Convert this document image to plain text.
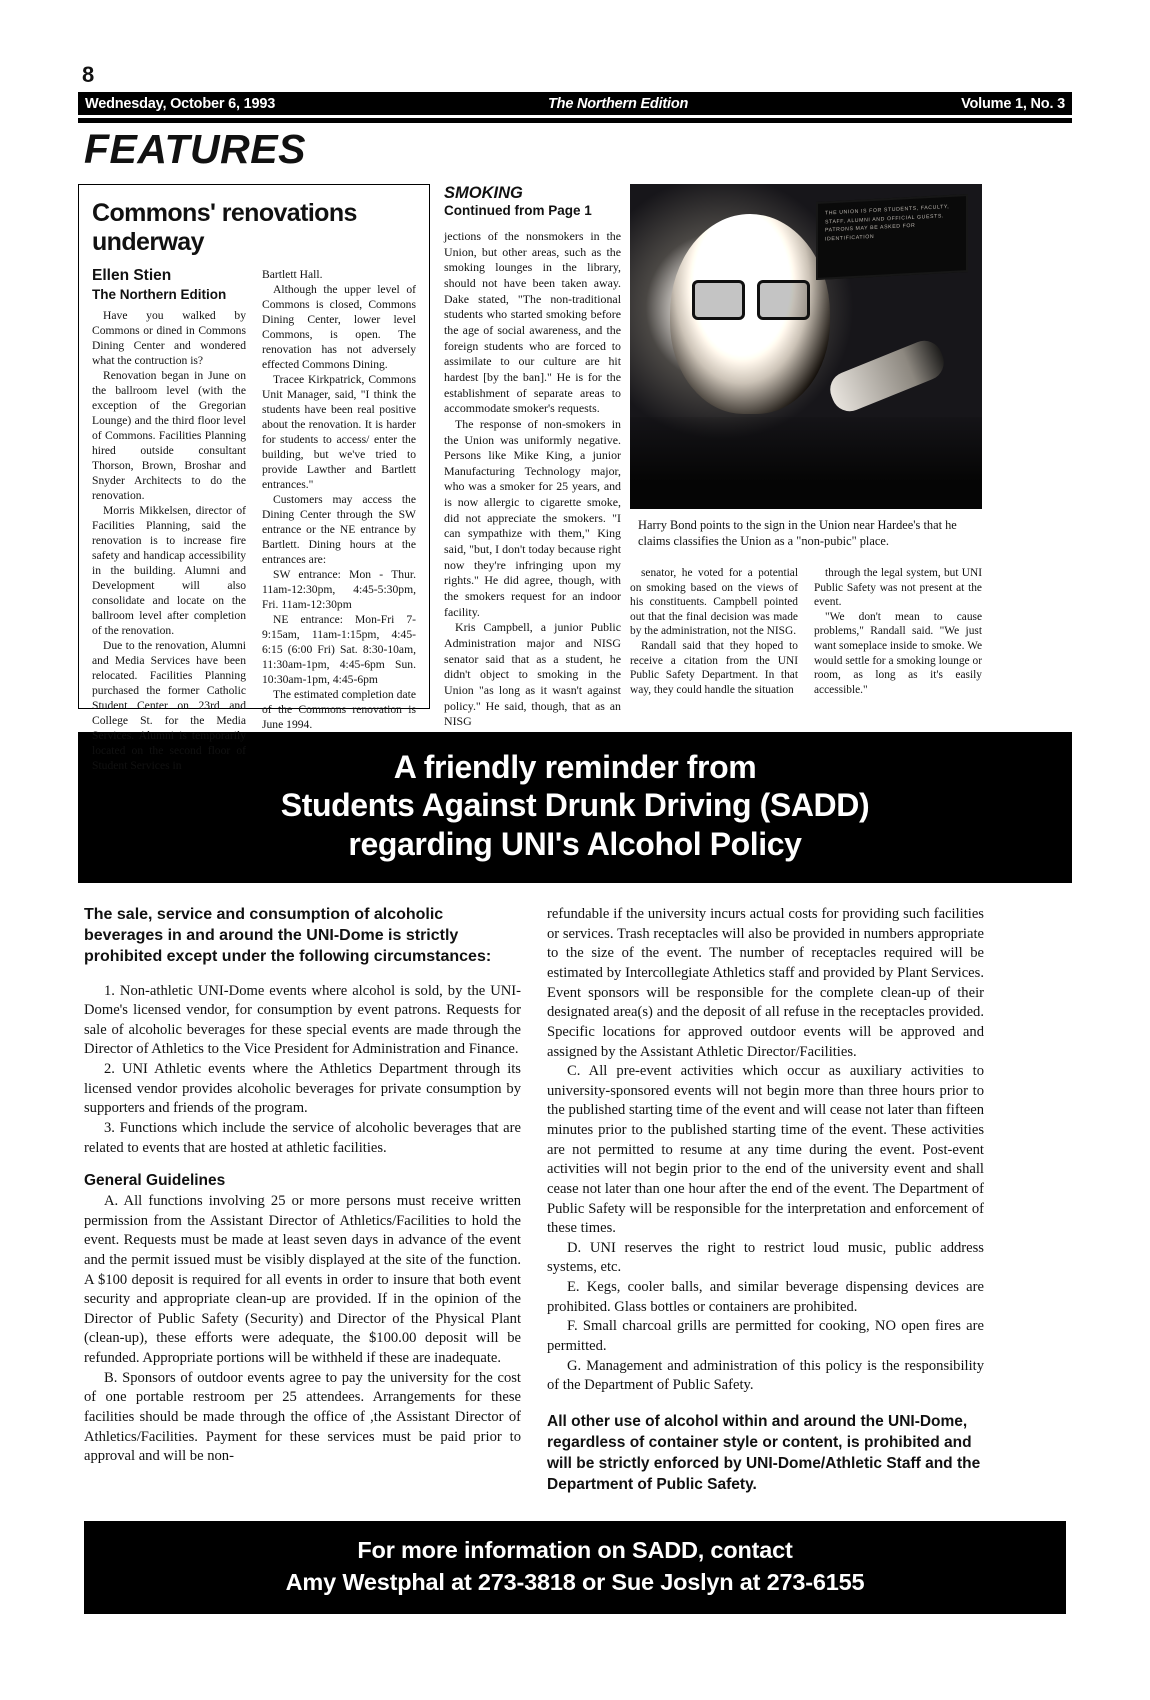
8
Wednesday, October 6, 1993	The Northern Edition	Volume 1, No. 3
FEATURES
Commons' renovations underway
Ellen Stien
The Northern Edition

Have you walked by Commons or dined in Commons Dining Center and wondered what the contruction is?

Renovation began in June on the ballroom level (with the exception of the Gregorian Lounge) and the third floor level of Commons. Facilities Planning hired outside consultant Thorson, Brown, Broshar and Snyder Architects to do the renovation.

Morris Mikkelsen, director of Facilities Planning, said the renovation is to increase fire safety and handicap accessibility in the building. Alumni and Development will also consolidate and locate on the ballroom level after completion of the renovation.

Due to the renovation, Alumni and Media Services have been relocated. Facilities Planning purchased the former Catholic Student Center on 23rd and College St. for the Media Services. Alumni is temporarily located on the second floor of Student Services in

Bartlett Hall.

Although the upper level of Commons is closed, Commons Dining Center, lower level Commons, is open. The renovation has not adversely effected Commons Dining.

Tracee Kirkpatrick, Commons Unit Manager, said, "I think the students have been real positive about the renovation. It is harder for students to access/ enter the building, but we've tried to provide Lawther and Bartlett entrances."

Customers may access the Dining Center through the SW entrance or the NE entrance by Bartlett. Dining hours at the entrances are:

SW entrance: Mon - Thur. 11am-12:30pm, 4:45-5:30pm, Fri. 11am-12:30pm

NE entrance: Mon-Fri 7-9:15am, 11am-1:15pm, 4:45-6:15 (6:00 Fri) Sat. 8:30-10am, 11:30am-1pm, 4:45-6pm Sun. 10:30am-1pm, 4:45-6pm

The estimated completion date of the Commons renovation is June 1994.

SMOKING
Continued from Page 1

jections of the nonsmokers in the Union, but other areas, such as the smoking lounges in the library, should not have been taken away. Dake stated, "The non-traditional students who started smoking before the age of social awareness, and the foreign students who are forced to assimilate to our culture are hit hardest [by the ban]." He is for the establishment of separate areas to accommodate smoker's requests.

The response of non-smokers in the Union was uniformly negative. Persons like Mike King, a junior Manufacturing Technology major, who was a smoker for 25 years, and is now allergic to cigarette smoke, did not appreciate the smokers. "I can sympathize with them," King said, "but, I don't today because right now they're infringing upon my rights." He did agree, though, with the smokers request for an indoor facility.

Kris Campbell, a junior Public Administration major and NISG senator said that as a student, he didn't object to smoking in the Union "as long as it wasn't against policy." He said, though, that as an NISG

THE UNION IS FOR STUDENTS, FACULTY, STAFF, ALUMNI AND OFFICIAL GUESTS. PATRONS MAY BE ASKED FOR IDENTIFICATION
Harry Bond points to the sign in the Union near Hardee's that he claims classifies the Union as a "non-pubic" place.

senator, he voted for a potential on smoking based on the views of his constituents. Campbell pointed out that the final decision was made by the administration, not the NISG.

Randall said that they hoped to receive a citation from the UNI Public Safety Department. In that way, they could handle the situation

through the legal system, but UNI Public Safety was not present at the event.

"We don't mean to cause problems," Randall said. "We just want someplace inside to smoke. We would settle for a smoking lounge or room, as long as it's easily accessible."

A friendly reminder from
Students Against Drunk Driving (SADD)
regarding UNI's Alcohol Policy

The sale, service and consumption of alcoholic beverages in and around the UNI-Dome is strictly prohibited except under the following circumstances:

1. Non-athletic UNI-Dome events where alcohol is sold, by the UNI-Dome's licensed vendor, for consumption by event patrons. Requests for sale of alcoholic beverages for these special events are made through the Director of Athletics to the Vice President for Administration and Finance.

2. UNI Athletic events where the Athletics Department through its licensed vendor provides alcoholic beverages for private consumption by supporters and friends of the program.

3. Functions which include the service of alcoholic beverages that are related to events that are hosted at athletic facilities.

General Guidelines

A. All functions involving 25 or more persons must receive written permission from the Assistant Director of Athletics/Facilities to hold the event. Requests must be made at least seven days in advance of the event and the permit issued must be visibly displayed at the site of the function. A $100 deposit is required for all events in order to insure that both event security and appropriate clean-up are provided. If in the opinion of the Director of Public Safety (Security) and Director of the Physical Plant (clean-up), these efforts were adequate, the $100.00 deposit will be refunded. Appropriate portions will be withheld if these are inadequate.

B. Sponsors of outdoor events agree to pay the university for the cost of one portable restroom per 25 attendees. Arrangements for these facilities should be made through the office of ,the Assistant Director of Athletics/Facilities. Payment for these services must be paid prior to approval and will be non-

refundable if the university incurs actual costs for providing such facilities or services. Trash receptacles will also be provided in numbers appropriate to the size of the event. The number of receptacles required will be estimated by Intercollegiate Athletics staff and provided by Plant Services. Event sponsors will be responsible for the complete clean-up of their designated area(s) and the deposit of all refuse in the receptacles provided. Specific locations for approved outdoor events will be approved and assigned by the Assistant Athletic Director/Facilities.

C. All pre-event activities which occur as auxiliary activities to university-sponsored events will not begin more than three hours prior to the published starting time of the event and will cease not later than fifteen minutes prior to the published starting time of the event. These activities are not permitted to resume at any time during the event. Post-event activities will not begin prior to the end of the university event and shall cease not later than one hour after the end of the event. The Department of Public Safety will be responsible for the interpretation and enforcement of these times.

D. UNI reserves the right to restrict loud music, public address systems, etc.

E. Kegs, cooler balls, and similar beverage dispensing devices are prohibited. Glass bottles or containers are prohibited.

F. Small charcoal grills are permitted for cooking, NO open fires are permitted.

G. Management and administration of this policy is the responsibility of the Department of Public Safety.

All other use of alcohol within and around the UNI-Dome, regardless of container style or content, is prohibited and will be strictly enforced by UNI-Dome/Athletic Staff and the Department of Public Safety.

For more information on SADD, contact
Amy Westphal at 273-3818 or Sue Joslyn at 273-6155
